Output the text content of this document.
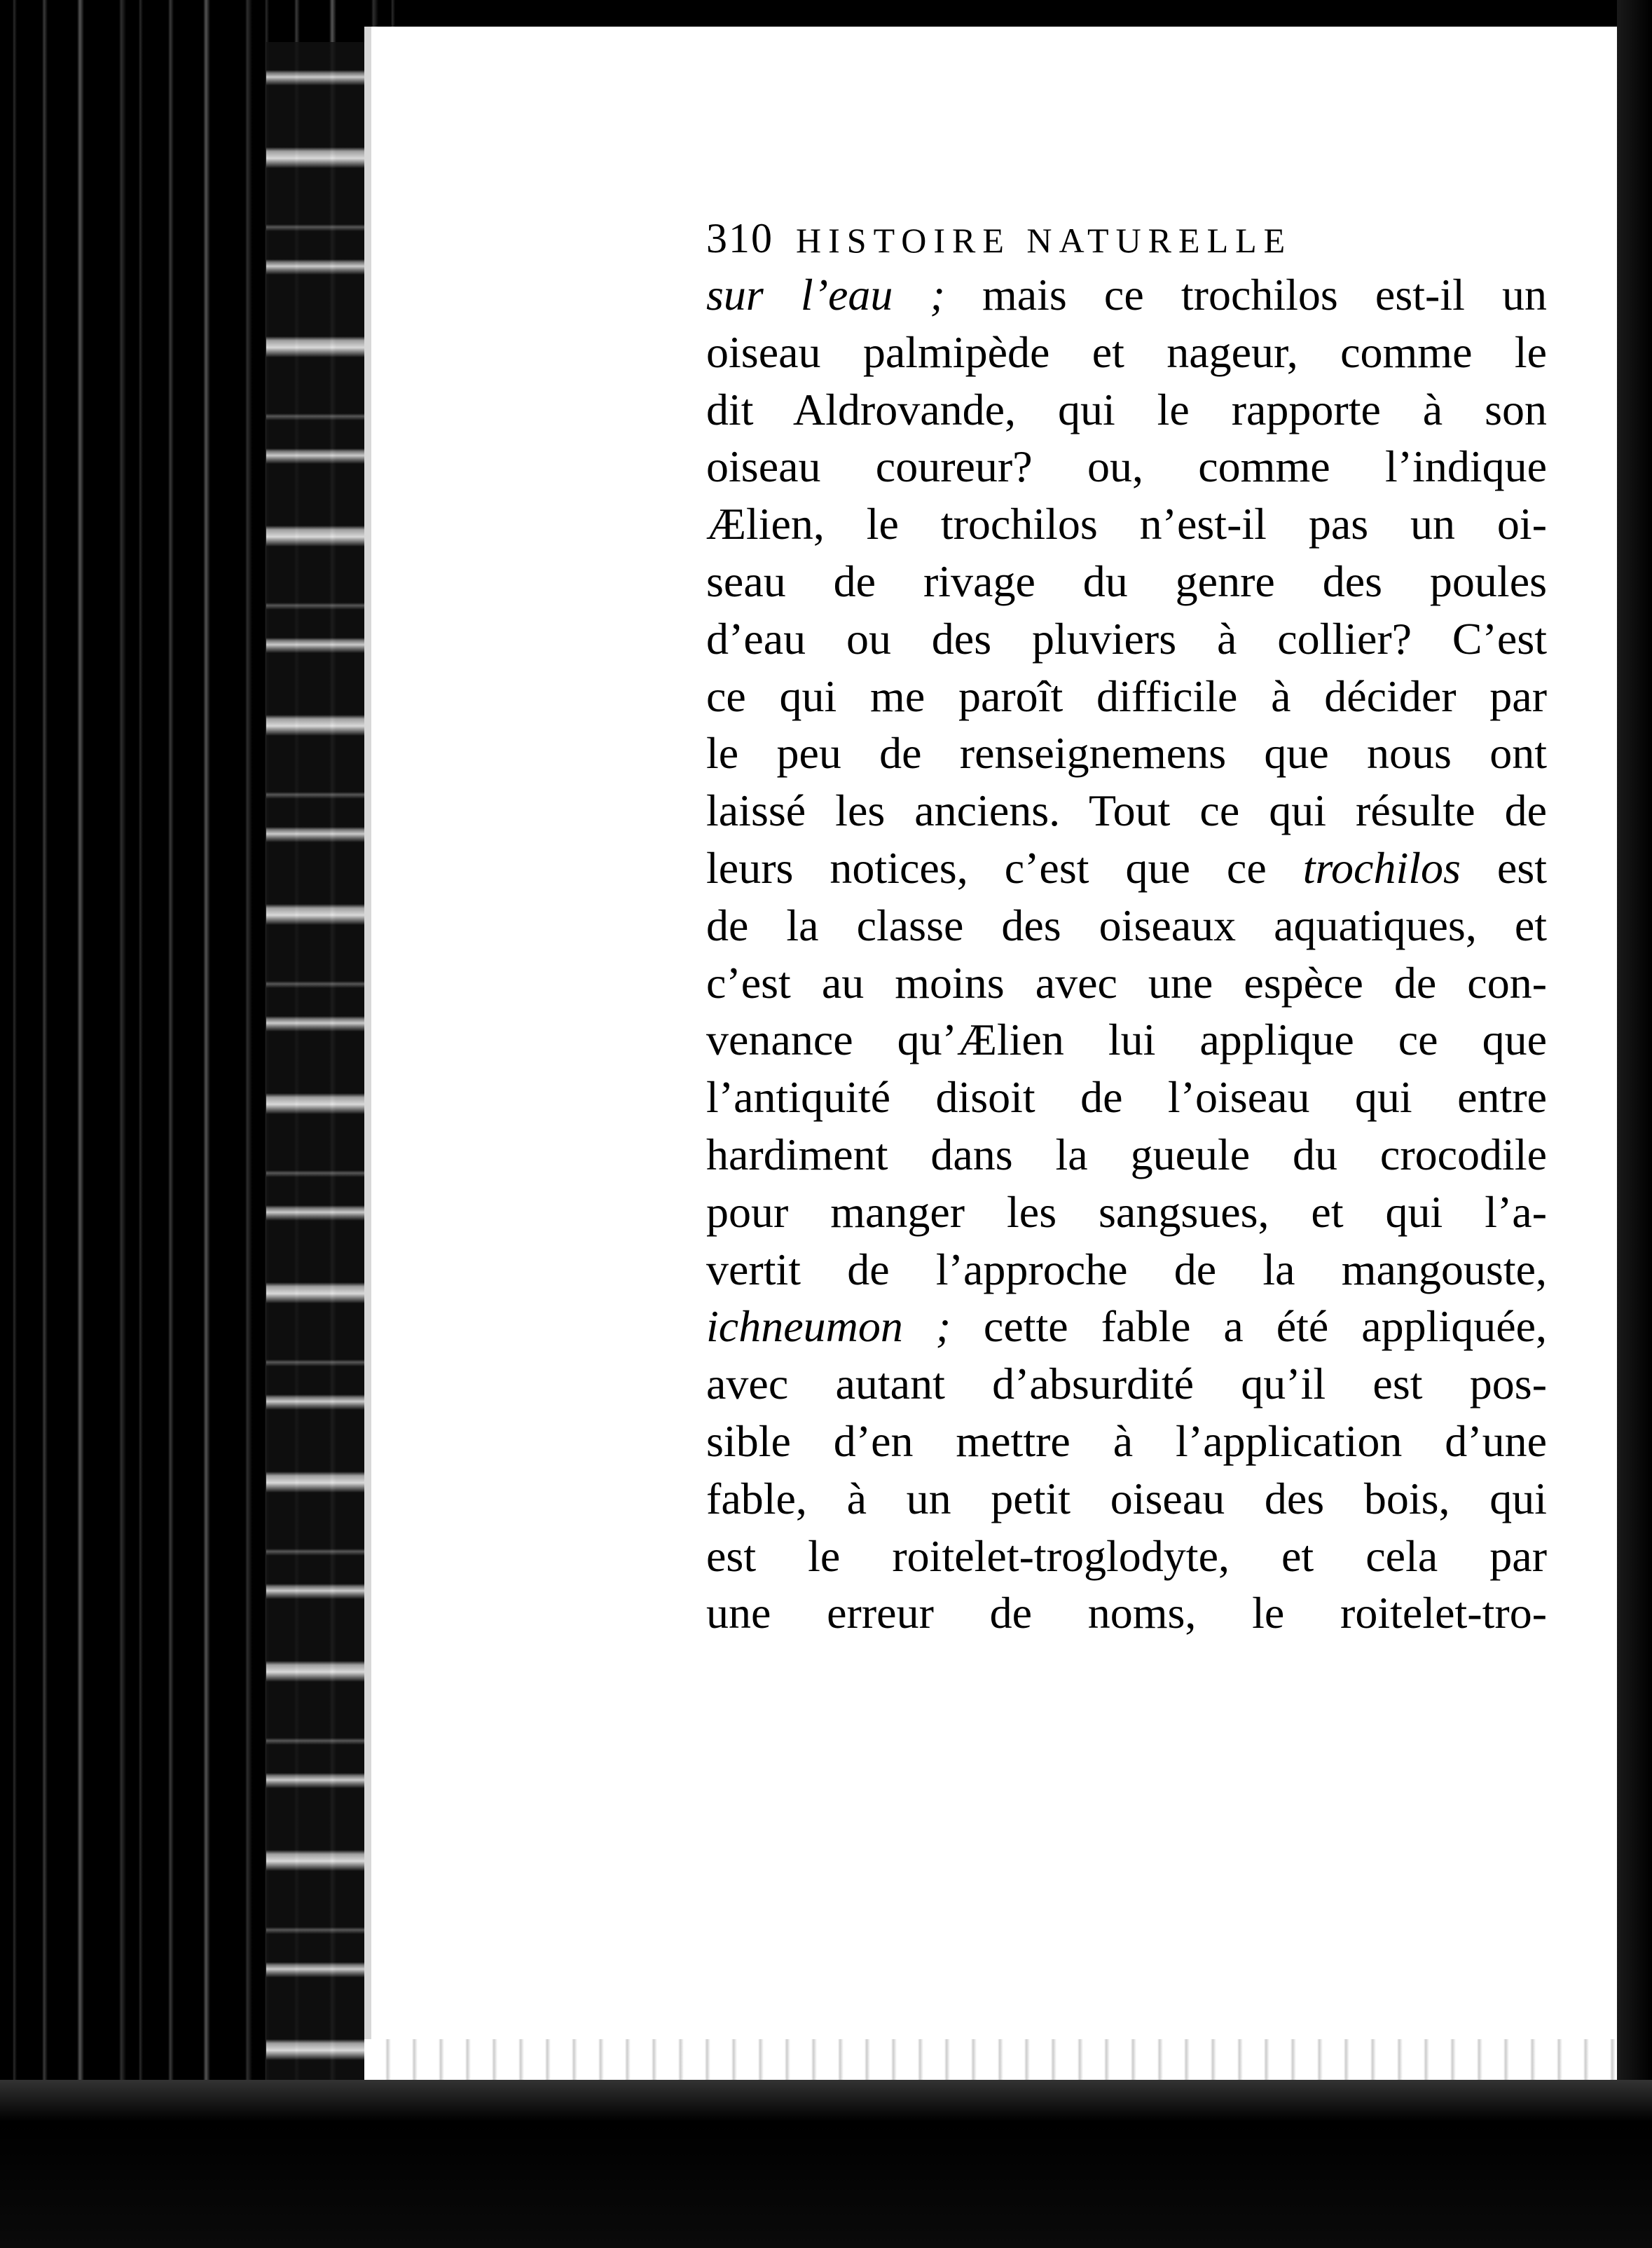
310 HISTOIRE NATURELLE
sur l’eau ; mais ce trochilos est-il un
oiseau palmipède et nageur, comme le
dit Aldrovande, qui le rapporte à son
oiseau coureur? ou, comme l’indique
Ælien, le trochilos n’est-il pas un oi-
seau de rivage du genre des poules
d’eau ou des pluviers à collier? C’est
ce qui me paroît difficile à décider par
le peu de renseignemens que nous ont
laissé les anciens. Tout ce qui résulte de
leurs notices, c’est que ce trochilos est
de la classe des oiseaux aquatiques, et
c’est au moins avec une espèce de con-
venance qu’Ælien lui applique ce que
l’antiquité disoit de l’oiseau qui entre
hardiment dans la gueule du crocodile
pour manger les sangsues, et qui l’a-
vertit de l’approche de la mangouste,
ichneumon ; cette fable a été appliquée,
avec autant d’absurdité qu’il est pos-
sible d’en mettre à l’application d’une
fable, à un petit oiseau des bois, qui
est le roitelet-troglodyte, et cela par
une erreur de noms, le roitelet-tro-
